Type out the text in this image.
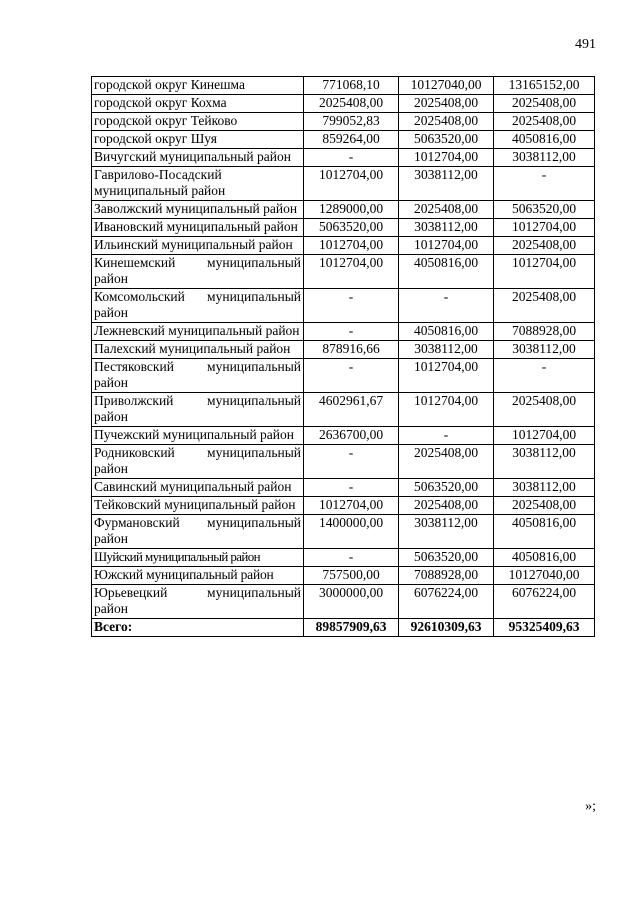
491
городской округ Кинешма	771068,10	10127040,00	13165152,00
городской округ Кохма	2025408,00	2025408,00	2025408,00
городской округ Тейково	799052,83	2025408,00	2025408,00
городской округ Шуя	859264,00	5063520,00	4050816,00
Вичугский муниципальный район	-	1012704,00	3038112,00
Гаврилово-Посадский муниципальный район	1012704,00	3038112,00	-
Заволжский муниципальный район	1289000,00	2025408,00	5063520,00
Ивановский муниципальный район	5063520,00	3038112,00	1012704,00
Ильинский муниципальный район	1012704,00	1012704,00	2025408,00
Кинешемский муниципальный район	1012704,00	4050816,00	1012704,00
Комсомольский муниципальный район	-	-	2025408,00
Лежневский муниципальный район	-	4050816,00	7088928,00
Палехский муниципальный район	878916,66	3038112,00	3038112,00
Пестяковский муниципальный район	-	1012704,00	-
Приволжский муниципальный район	4602961,67	1012704,00	2025408,00
Пучежский муниципальный район	2636700,00	-	1012704,00
Родниковский муниципальный район	-	2025408,00	3038112,00
Савинский муниципальный район	-	5063520,00	3038112,00
Тейковский муниципальный район	1012704,00	2025408,00	2025408,00
Фурмановский муниципальный район	1400000,00	3038112,00	4050816,00
Шуйский муниципальный район	-	5063520,00	4050816,00
Южский муниципальный район	757500,00	7088928,00	10127040,00
Юрьевецкий муниципальный район	3000000,00	6076224,00	6076224,00
Всего:	89857909,63	92610309,63	95325409,63
»;
